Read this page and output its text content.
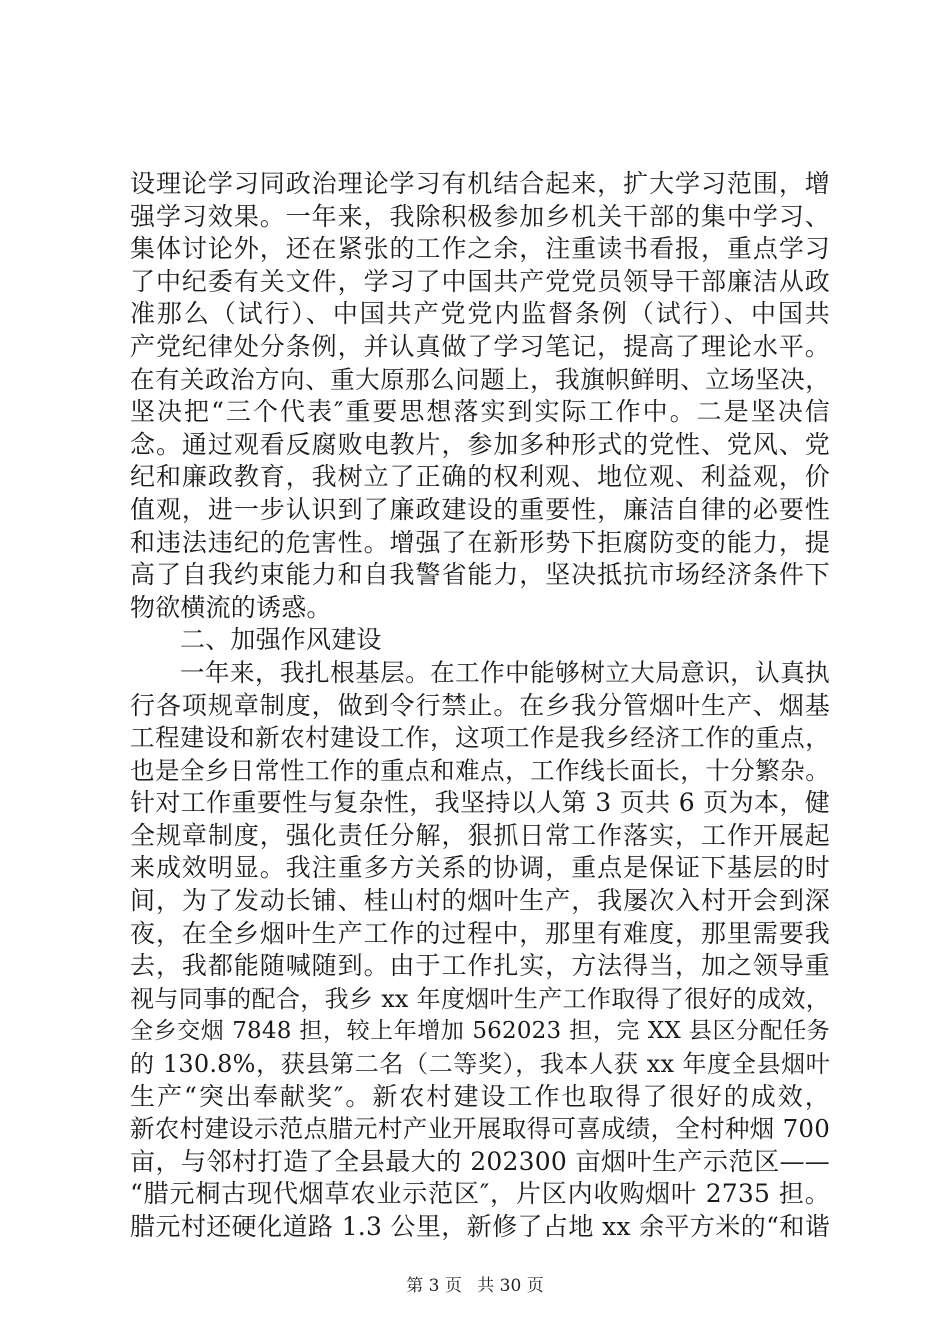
设理论学习同政治理论学习有机结合起来，扩大学习范围，增
强学习效果。一年来，我除积极参加乡机关干部的集中学习、
集体讨论外，还在紧张的工作之余，注重读书看报，重点学习
了中纪委有关文件，学习了中国共产党党员领导干部廉洁从政
准那么（试行）、中国共产党党内监督条例（试行）、中国共
产党纪律处分条例，并认真做了学习笔记，提高了理论水平。
在有关政治方向、重大原那么问题上，我旗帜鲜明、立场坚决，
坚决把“三个代表″重要思想落实到实际工作中。二是坚决信
念。通过观看反腐败电教片，参加多种形式的党性、党风、党
纪和廉政教育，我树立了正确的权利观、地位观、利益观，价
值观，进一步认识到了廉政建设的重要性，廉洁自律的必要性
和违法违纪的危害性。增强了在新形势下拒腐防变的能力，提
高了自我约束能力和自我警省能力，坚决抵抗市场经济条件下
物欲横流的诱惑。
二、加强作风建设
一年来，我扎根基层。在工作中能够树立大局意识，认真执
行各项规章制度，做到令行禁止。在乡我分管烟叶生产、烟基
工程建设和新农村建设工作，这项工作是我乡经济工作的重点，
也是全乡日常性工作的重点和难点，工作线长面长，十分繁杂。
针对工作重要性与复杂性，我坚持以人第 3 页共 6 页为本，健
全规章制度，强化责任分解，狠抓日常工作落实，工作开展起
来成效明显。我注重多方关系的协调，重点是保证下基层的时
间，为了发动长铺、桂山村的烟叶生产，我屡次入村开会到深
夜，在全乡烟叶生产工作的过程中，那里有难度，那里需要我
去，我都能随喊随到。由于工作扎实，方法得当，加之领导重
视与同事的配合，我乡 xx 年度烟叶生产工作取得了很好的成效，
全乡交烟 7848 担，较上年增加 562023 担，完 XX 县区分配任务
的 130.8%，获县第二名（二等奖），我本人获 xx 年度全县烟叶
生产“突出奉献奖″。新农村建设工作也取得了很好的成效，
新农村建设示范点腊元村产业开展取得可喜成绩，全村种烟 700
亩，与邻村打造了全县最大的 202300 亩烟叶生产示范区——
“腊元桐古现代烟草农业示范区″，片区内收购烟叶 2735 担。
腊元村还硬化道路 1.3 公里，新修了占地 xx 余平方米的“和谐
第 3 页 共 30 页
